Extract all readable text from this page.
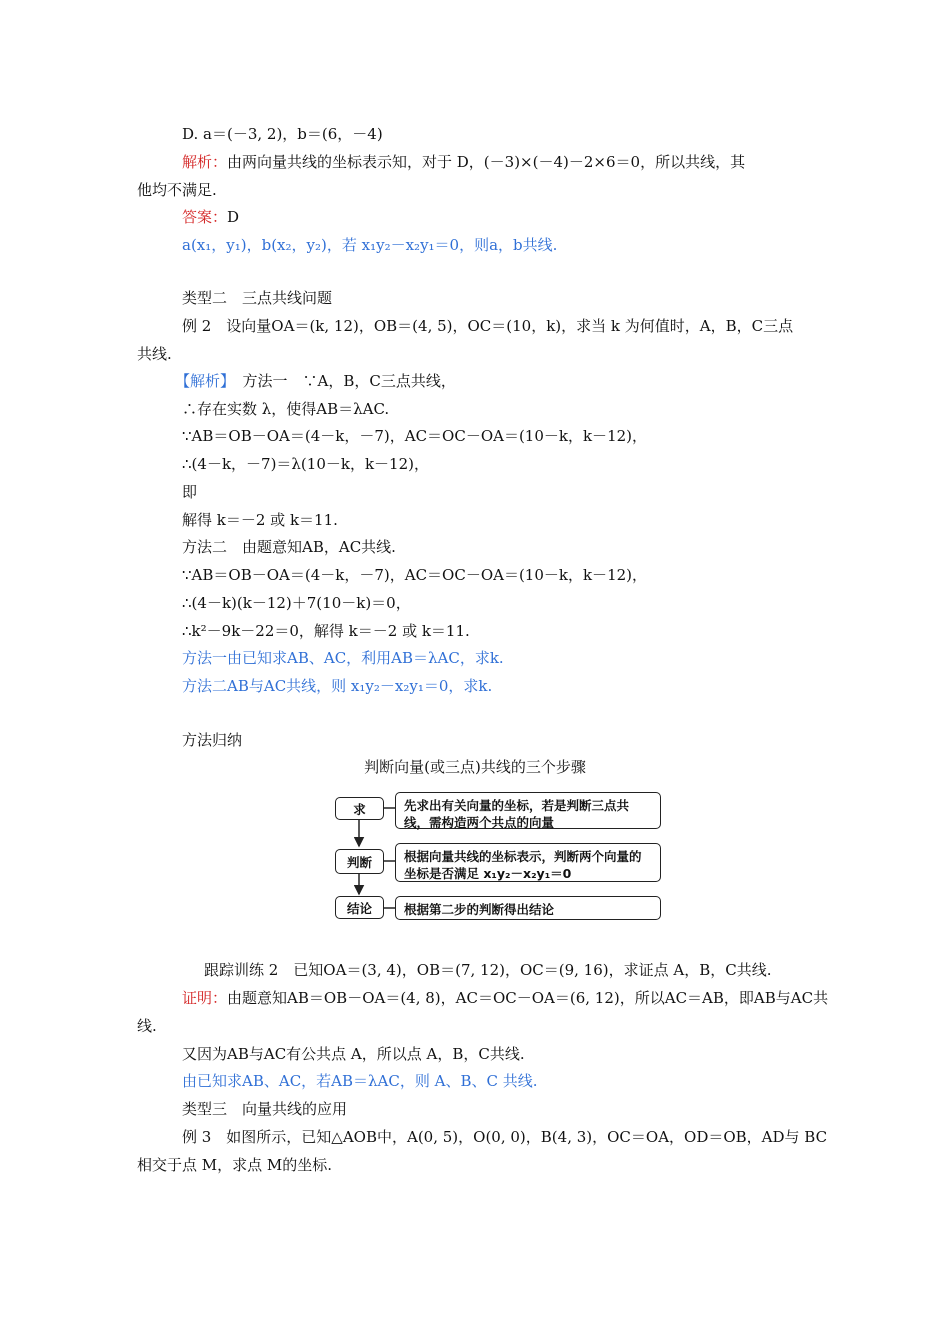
D. a＝(－3, 2)，b＝(6，－4)
解析：由两向量共线的坐标表示知，对于 D，(－3)×(－4)－2×6＝0，所以共线，其
他均不满足.
答案：D
a(x₁，y₁)，b(x₂，y₂)，若 x₁y₂－x₂y₁＝0，则a，b共线.
类型二　三点共线问题
例 2　设向量OA＝(k, 12)，OB＝(4, 5)，OC＝(10，k)，求当 k 为何值时，A，B，C三点
共线.
【解析】　 方法一　∵A，B，C三点共线，
∴存在实数 λ，使得AB＝λAC.
∵AB＝OB－OA＝(4－k，－7)，AC＝OC－OA＝(10－k，k－12)，
∴(4－k，－7)＝λ(10－k，k－12)，
即
解得 k＝－2 或 k＝11.
方法二　由题意知AB，AC共线.
∵AB＝OB－OA＝(4－k，－7)，AC＝OC－OA＝(10－k，k－12)，
∴(4－k)(k－12)＋7(10－k)＝0，
∴k²－9k－22＝0，解得 k＝－2 或 k＝11.
方法一由已知求AB、AC，利用AB＝λAC，求k.
方法二AB与AC共线，则 x₁y₂－x₂y₁＝0，求k.
方法归纳
判断向量(或三点)共线的三个步骤
求	先求出有关向量的坐标，若是判断三点共线，需构造两个共点的向量
判断	根据向量共线的坐标表示，判断两个向量的坐标是否满足 x₁y₂－x₂y₁＝0
结论	根据第二步的判断得出结论
跟踪训练 2　已知OA＝(3, 4)，OB＝(7, 12)，OC＝(9, 16)，求证点 A，B，C共线.
证明：由题意知AB＝OB－OA＝(4, 8)，AC＝OC－OA＝(6, 12)，所以AC＝AB，即AB与AC共
线.
又因为AB与AC有公共点 A，所以点 A，B，C共线.
由已知求AB、AC，若AB＝λAC，则 A、B、C 共线.
类型三　向量共线的应用
例 3　如图所示，已知△AOB中，A(0, 5)，O(0, 0)，B(4, 3)，OC＝OA，OD＝OB，AD与 BC
相交于点 M，求点 M的坐标.
